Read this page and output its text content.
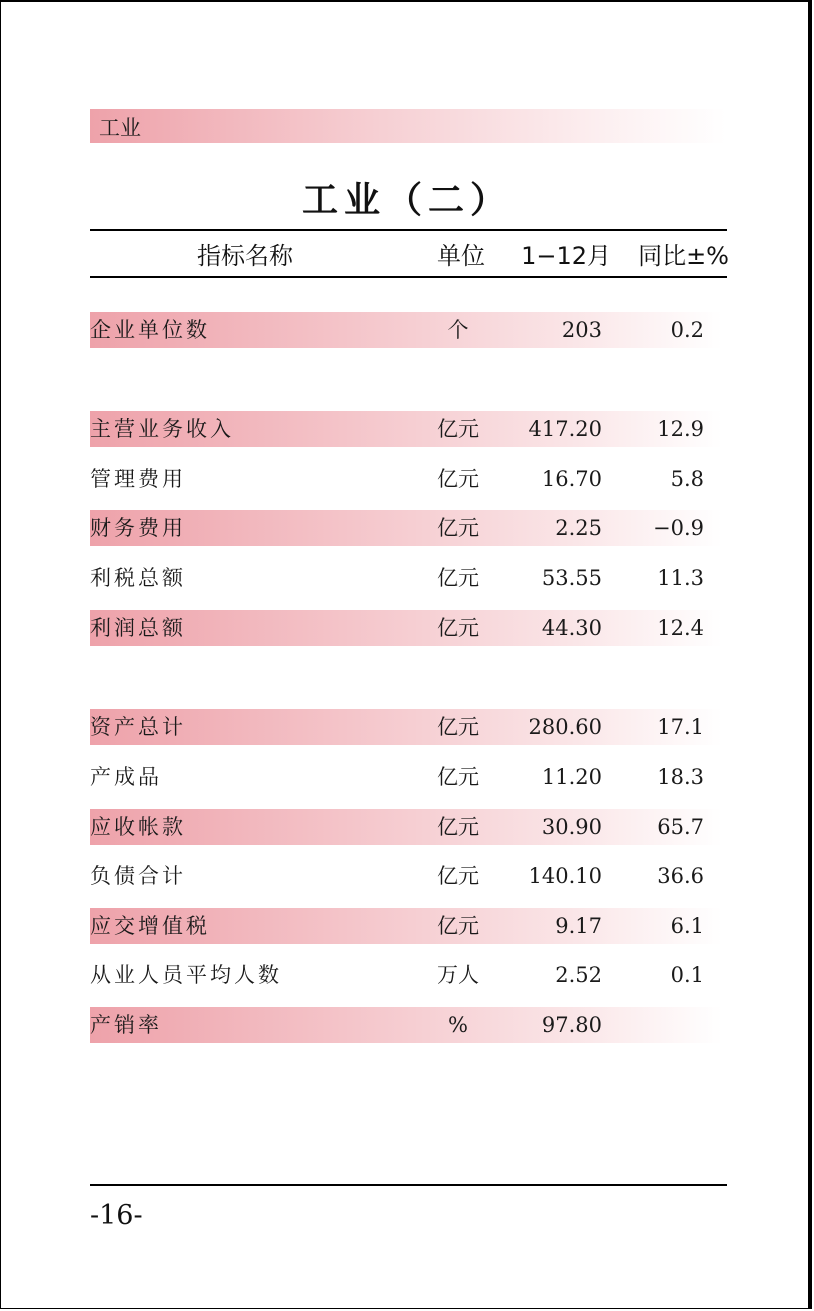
工业
工业（二）
指标名称	单位	1−12月	同比±%
企业单位数	个	203	0.2
主营业务收入	亿元	417.20	12.9
管理费用	亿元	16.70	5.8
财务费用	亿元	2.25	−0.9
利税总额	亿元	53.55	11.3
利润总额	亿元	44.30	12.4
资产总计	亿元	280.60	17.1
产成品	亿元	11.20	18.3
应收帐款	亿元	30.90	65.7
负债合计	亿元	140.10	36.6
应交增值税	亿元	9.17	6.1
从业人员平均人数	万人	2.52	0.1
产销率	%	97.80
-16-
